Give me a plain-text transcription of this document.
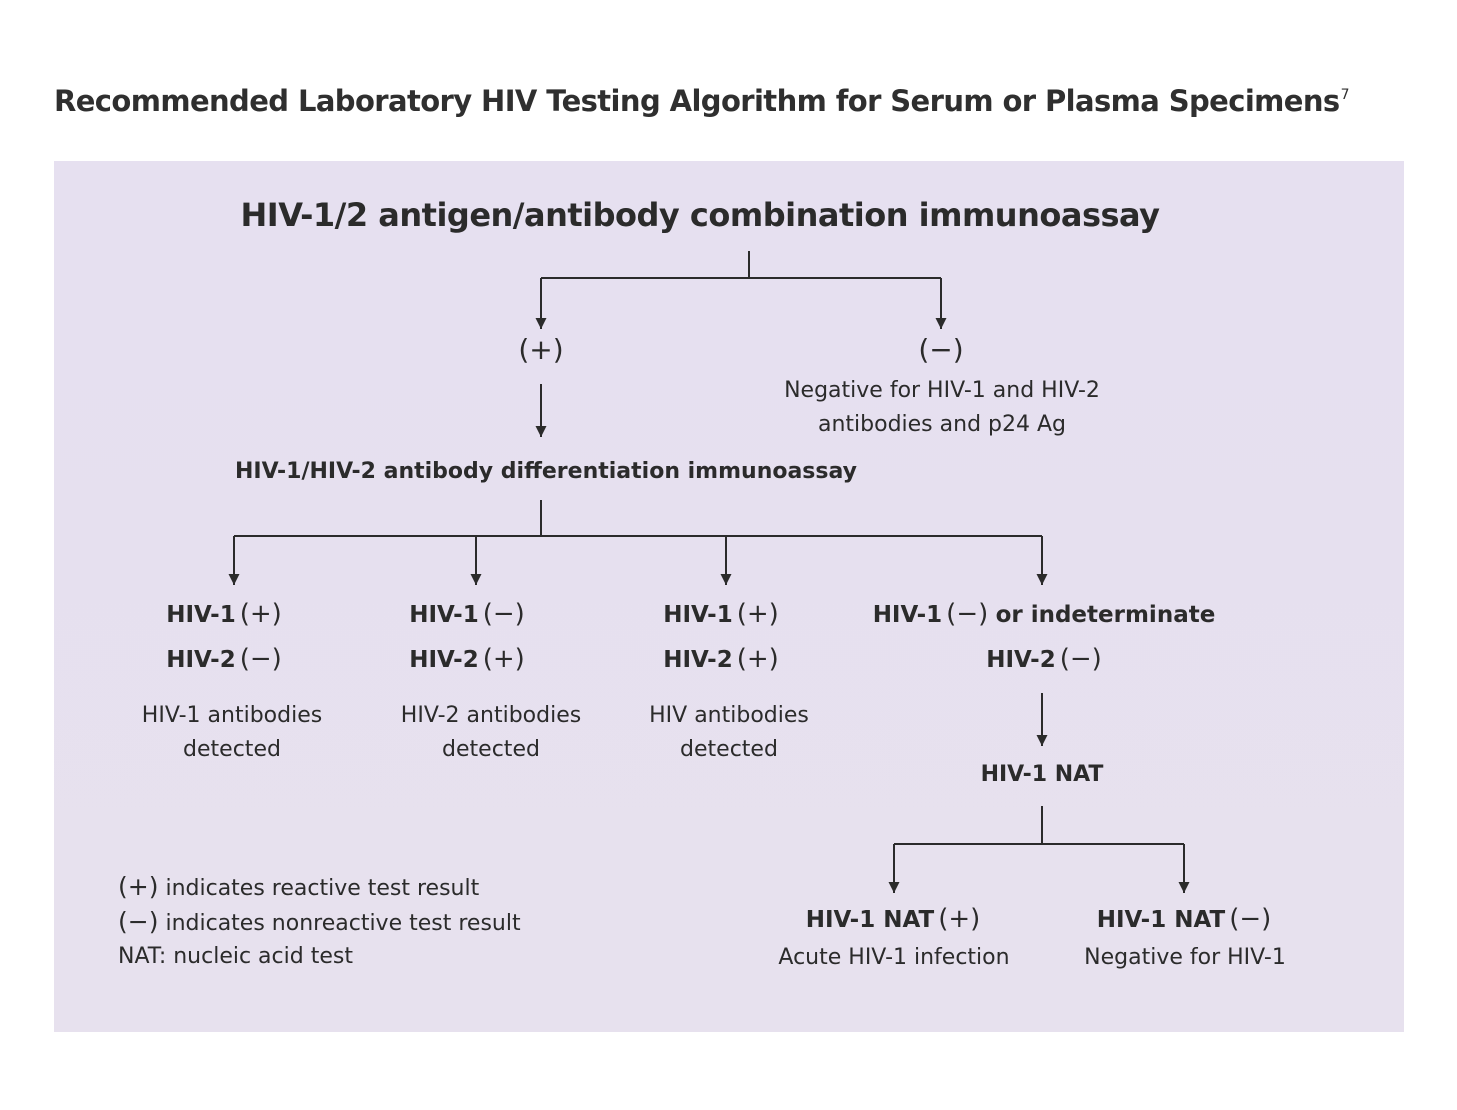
Recommended Laboratory HIV Testing Algorithm for Serum or Plasma Specimens$^7$
HIV-1/2 antigen/antibody combination immunoassay
(+)	(−)
Negative for HIV-1 and HIV-2
antibodies and p24 Ag
HIV-1/HIV-2 antibody differentiation immunoassay
HIV-1 (+)
HIV-2 (−)
HIV-1 antibodies
detected
HIV-1 (−)
HIV-2 (+)
HIV-2 antibodies
detected
HIV-1 (+)
HIV-2 (+)
HIV antibodies
detected
HIV-1 (−) or indeterminate
HIV-2 (−)
HIV-1 NAT
HIV-1 NAT (+)
Acute HIV-1 infection
HIV-1 NAT (−)
Negative for HIV-1
(+) indicates reactive test result
(−) indicates nonreactive test result
NAT: nucleic acid test
